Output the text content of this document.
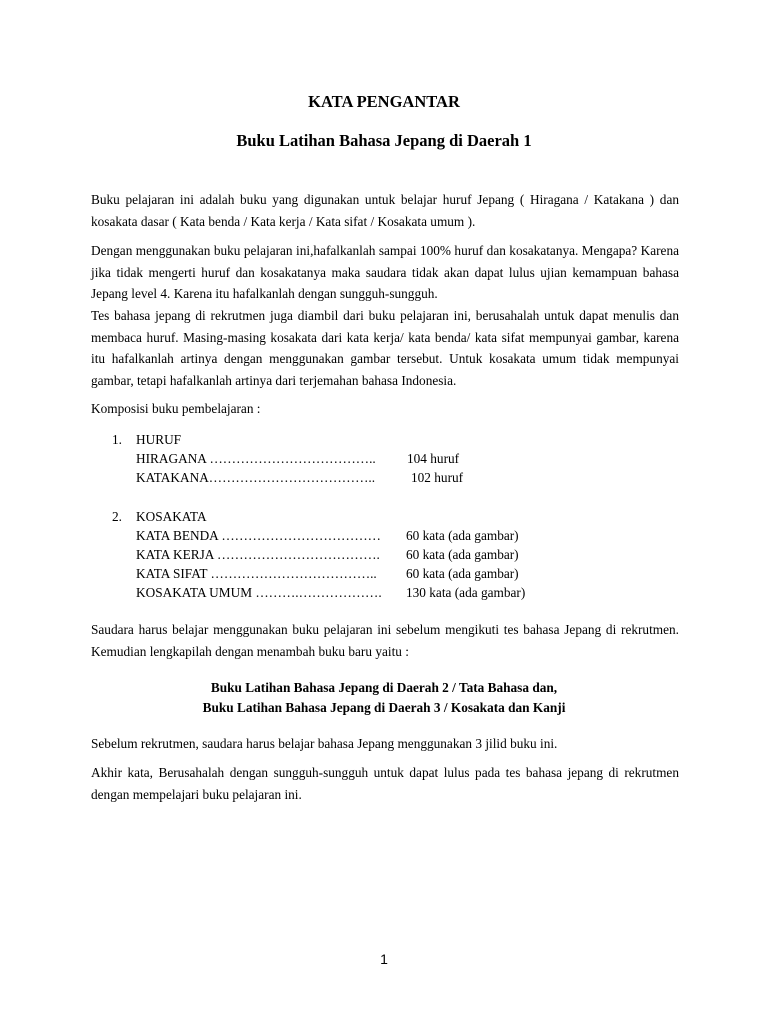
KATA PENGANTAR
Buku Latihan Bahasa Jepang di Daerah 1

Buku pelajaran ini adalah buku yang digunakan untuk belajar huruf Jepang ( Hiragana / Katakana ) dan kosakata dasar ( Kata benda / Kata kerja / Kata sifat / Kosakata umum ).

Dengan menggunakan buku pelajaran ini,hafalkanlah sampai 100% huruf dan kosakatanya. Mengapa? Karena jika tidak mengerti huruf dan kosakatanya maka saudara tidak akan dapat lulus ujian kemampuan bahasa Jepang level 4. Karena itu hafalkanlah dengan sungguh-sungguh.

Tes bahasa jepang di rekrutmen juga diambil dari buku pelajaran ini, berusahalah untuk dapat menulis dan membaca huruf. Masing-masing kosakata dari kata kerja/ kata benda/ kata sifat mempunyai gambar, karena itu hafalkanlah artinya dengan menggunakan gambar tersebut. Untuk kosakata umum tidak mempunyai gambar, tetapi hafalkanlah artinya dari terjemahan bahasa Indonesia.

Komposisi buku pembelajaran :

1. HURUF
HIRAGANA ……………………………….. 104 huruf
KATAKANA………………………………..	102 huruf
2. KOSAKATA
KATA BENDA ……………………………… 60 kata (ada gambar)
KATA KERJA ………………………………. 60 kata (ada gambar)
KATA SIFAT ……………………………….. 60 kata (ada gambar)
KOSAKATA UMUM ……….………………. 130 kata (ada gambar)

Saudara harus belajar menggunakan buku pelajaran ini sebelum mengikuti tes bahasa Jepang di rekrutmen. Kemudian lengkapilah dengan menambah buku baru yaitu :

Buku Latihan Bahasa Jepang di Daerah 2 / Tata Bahasa dan,

Buku Latihan Bahasa Jepang di Daerah 3 / Kosakata dan Kanji

Sebelum rekrutmen, saudara harus belajar bahasa Jepang menggunakan 3 jilid buku ini.

Akhir kata, Berusahalah dengan sungguh-sungguh untuk dapat lulus pada tes bahasa jepang di rekrutmen dengan mempelajari buku pelajaran ini.

1
